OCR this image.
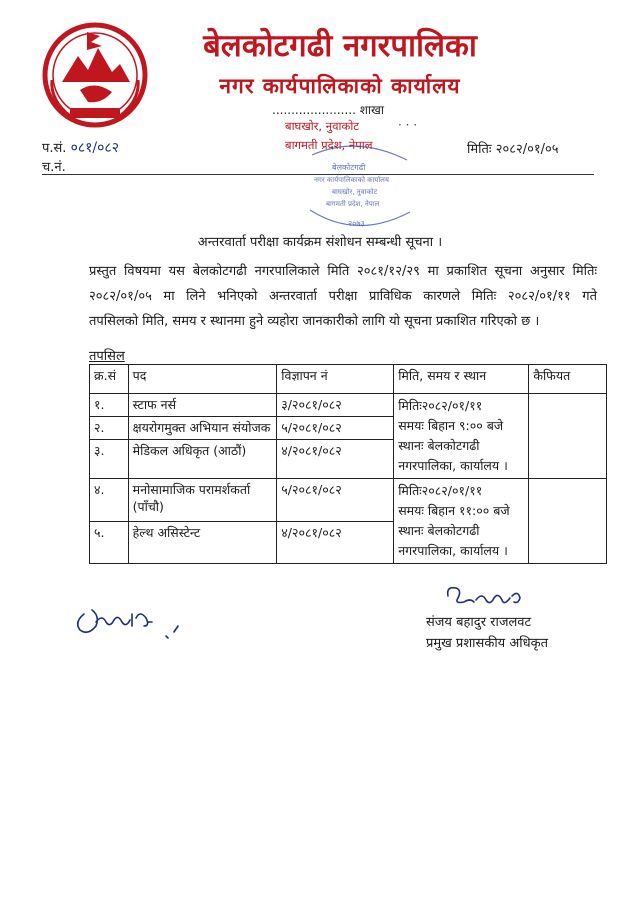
बेलकोटगढी नगरपालिका
नगर कार्यपालिकाको कार्यालय
...................... शाखा
· · ·
बाघखोर, नुवाकोट
बागमती प्रदेश, नेपाल
प.सं. ०८१/०८२
च.नं.
मितिः २०८२/०१/०५
बेलकोटगढी
नगर कार्यपालिकाको कार्यालय
बाघखोर, नुवाकोट
बागमती प्रदेश, नेपाल
२०७३
अन्तरवार्ता परीक्षा कार्यक्रम संशोधन सम्बन्धी सूचना ।
प्रस्तुत विषयमा यस बेलकोटगढी नगरपालिकाले मिति २०८१/१२/२९ मा प्रकाशित सूचना अनुसार मितिः
२०८२/०१/०५ मा लिने भनिएको अन्तरवार्ता परीक्षा प्राविधिक कारणले मितिः २०८२/०१/११ गते
तपसिलको मिति, समय र स्थानमा हुने व्यहोरा जानकारीको लागि यो सूचना प्रकाशित गरिएको छ ।
तपसिल
क्र.सं	पद	विज्ञापन नं	मिति, समय र स्थान	कैफियत
१.	स्टाफ नर्स	३/२०८१/०८२	मितिः२०८२/०१/११
समयः बिहान ९:०० बजे
स्थानः बेलकोटगढी
नगरपालिका, कार्यालय ।	

२.	क्षयरोगमुक्त अभियान संयोजक	५/२०८१/०८२		
३.	मेडिकल अधिकृत (आठौं)	४/२०८१/०८२		
४.	मनोसामाजिक परामर्शकर्ता (पाँचौ)	५/२०८१/०८२	मितिः२०८२/०१/११
समयः बिहान ११:०० बजे
स्थानः बेलकोटगढी
नगरपालिका, कार्यालय ।	

५.	हेल्थ असिस्टेन्ट	४/२०८१/०८२		
संजय बहादुर राजलवट
प्रमुख प्रशासकीय अधिकृत
